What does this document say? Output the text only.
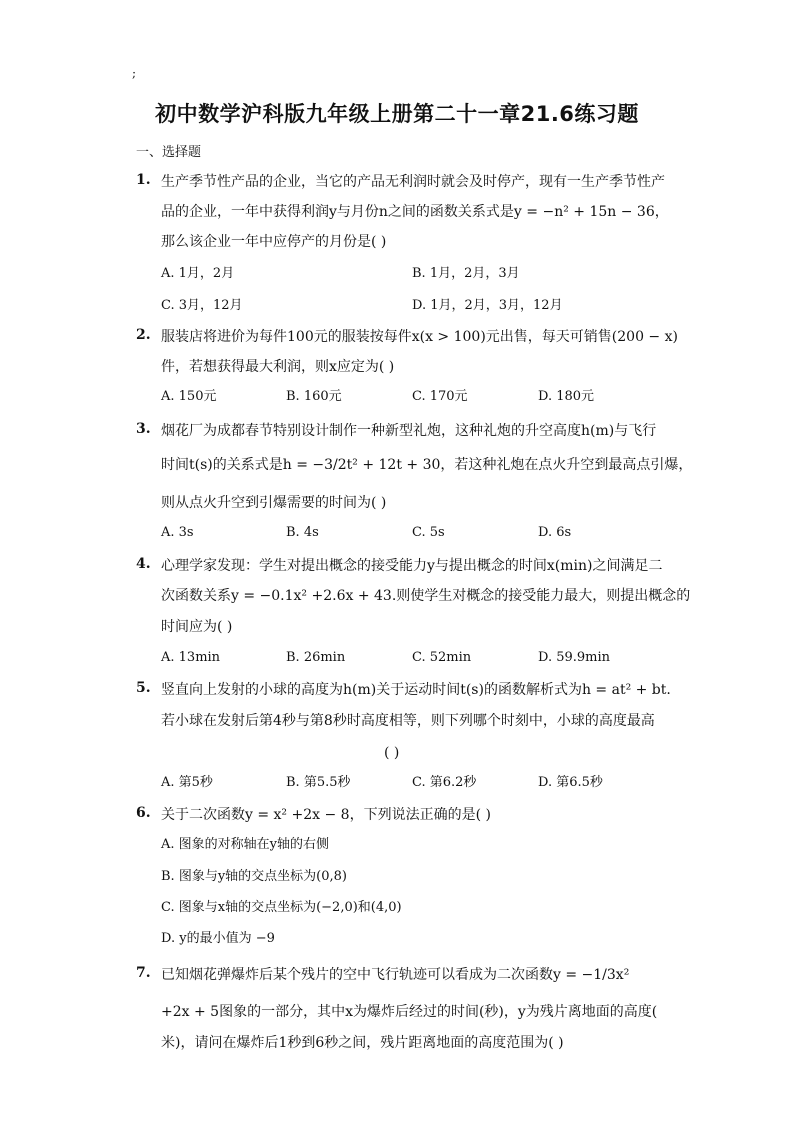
;
初中数学沪科版九年级上册第二十一章21.6练习题
一、选择题
1. 生产季节性产品的企业，当它的产品无利润时就会及时停产，现有一生产季节性产
品的企业，一年中获得利润y与月份n之间的函数关系式是y = −n² + 15n − 36，
那么该企业一年中应停产的月份是( )
A. 1月，2月	B. 1月，2月，3月
C. 3月，12月	D. 1月，2月，3月，12月
2. 服装店将进价为每件100元的服装按每件x(x > 100)元出售，每天可销售(200 − x)
件，若想获得最大利润，则x应定为( )
A. 150元	B. 160元	C. 170元	D. 180元
3. 烟花厂为成都春节特别设计制作一种新型礼炮，这种礼炮的升空高度h(m)与飞行
时间t(s)的关系式是h = −3/2t² + 12t + 30，若这种礼炮在点火升空到最高点引爆，
则从点火升空到引爆需要的时间为( )
A. 3s	B. 4s	C. 5s	D. 6s
4. 心理学家发现：学生对提出概念的接受能力y与提出概念的时间x(min)之间满足二
次函数关系y = −0.1x² +2.6x + 43.则使学生对概念的接受能力最大，则提出概念的
时间应为( )
A. 13min	B. 26min	C. 52min	D. 59.9min
5. 竖直向上发射的小球的高度为h(m)关于运动时间t(s)的函数解析式为h = at² + bt.
若小球在发射后第4秒与第8秒时高度相等，则下列哪个时刻中，小球的高度最高
( )
A. 第5秒	B. 第5.5秒	C. 第6.2秒	D. 第6.5秒
6. 关于二次函数y = x² +2x − 8，下列说法正确的是( )
A. 图象的对称轴在y轴的右侧
B. 图象与y轴的交点坐标为(0,8)
C. 图象与x轴的交点坐标为(−2,0)和(4,0)
D. y的最小值为 −9
7. 已知烟花弹爆炸后某个残片的空中飞行轨迹可以看成为二次函数y = −1/3x²
+2x + 5图象的一部分，其中x为爆炸后经过的时间(秒)，y为残片离地面的高度(
米)，请问在爆炸后1秒到6秒之间，残片距离地面的高度范围为( )
